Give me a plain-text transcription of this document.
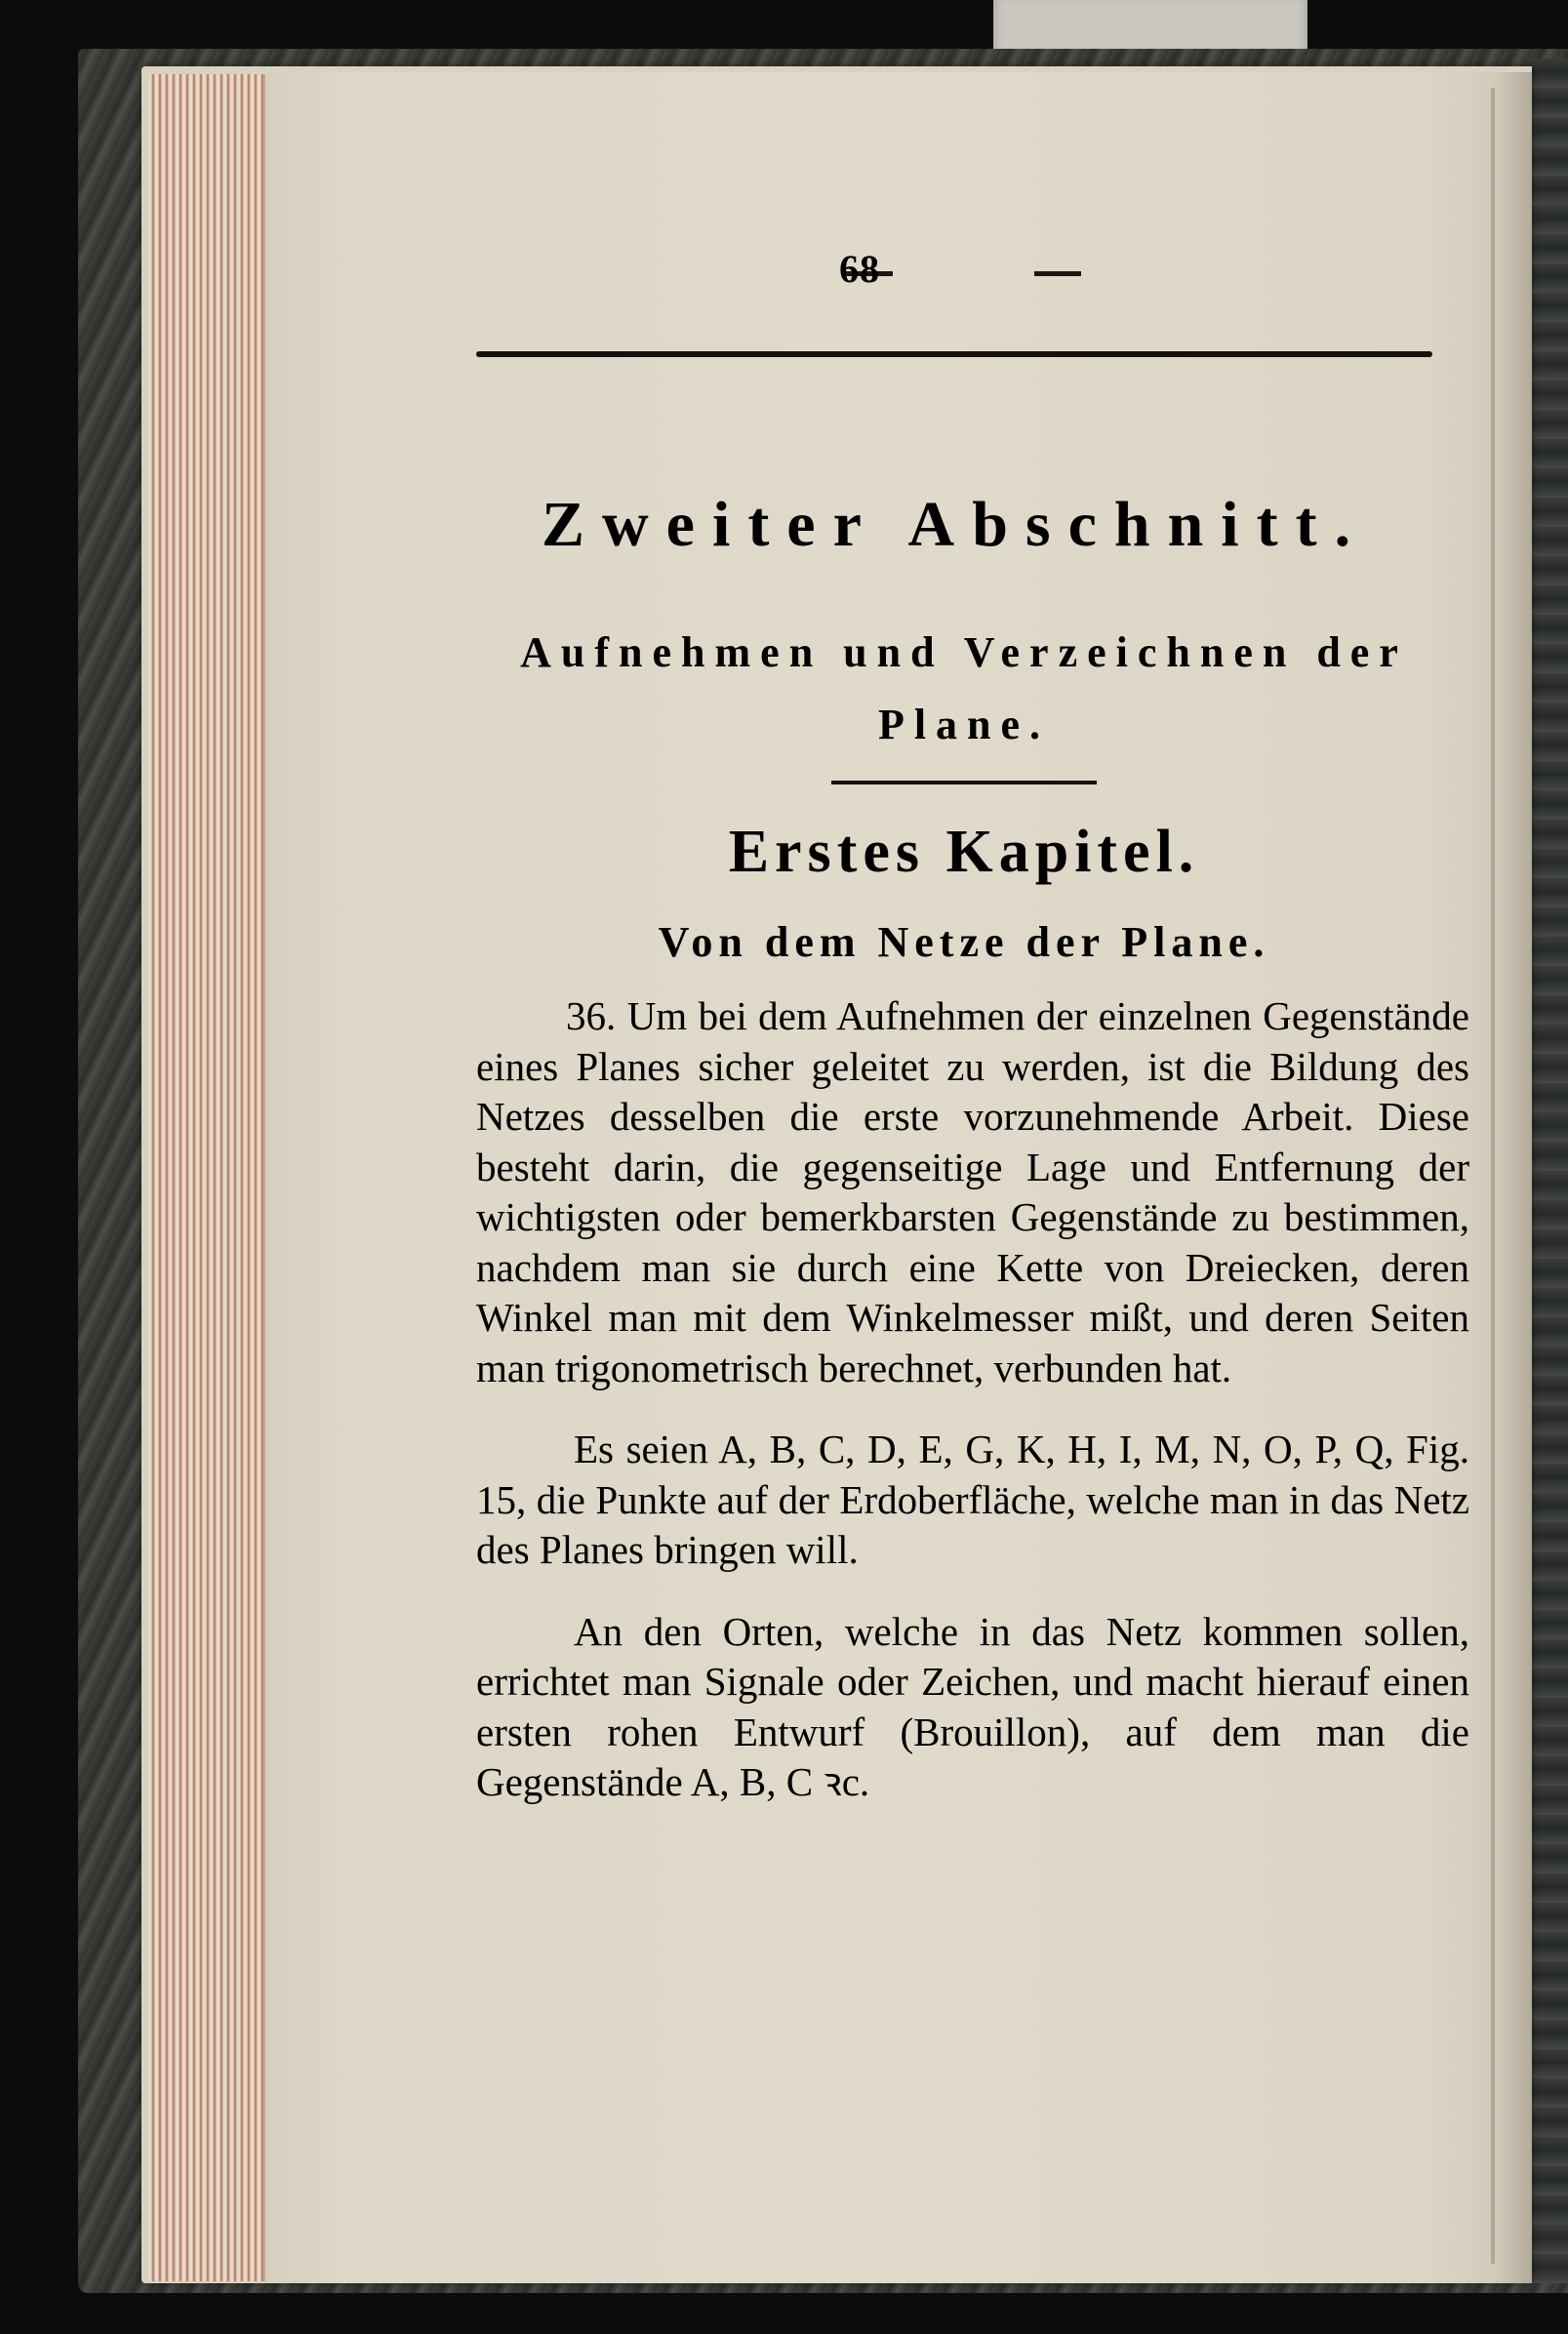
68
Zweiter Abschnitt.
Aufnehmen und Verzeichnen der Plane.
Erstes Kapitel.
Von dem Netze der Plane.

36. Um bei dem Aufnehmen der einzelnen Gegenstände eines Planes sicher geleitet zu werden, ist die Bildung des Netzes desselben die erste vorzunehmende Arbeit. Diese besteht darin, die gegenseitige Lage und Entfernung der wichtigsten oder bemerkbarsten Gegenstände zu bestimmen, nachdem man sie durch eine Kette von Dreiecken, deren Winkel man mit dem Winkelmesser mißt, und deren Seiten man trigonometrisch berechnet, verbunden hat.

Es seien A, B, C, D, E, G, K, H, I, M, N, O, P, Q, Fig. 15, die Punkte auf der Erdoberfläche, welche man in das Netz des Planes bringen will.

An den Orten, welche in das Netz kommen sollen, errichtet man Signale oder Zeichen, und macht hierauf einen ersten rohen Entwurf (Brouillon), auf dem man die Gegenstände A, B, C ꝛc.
